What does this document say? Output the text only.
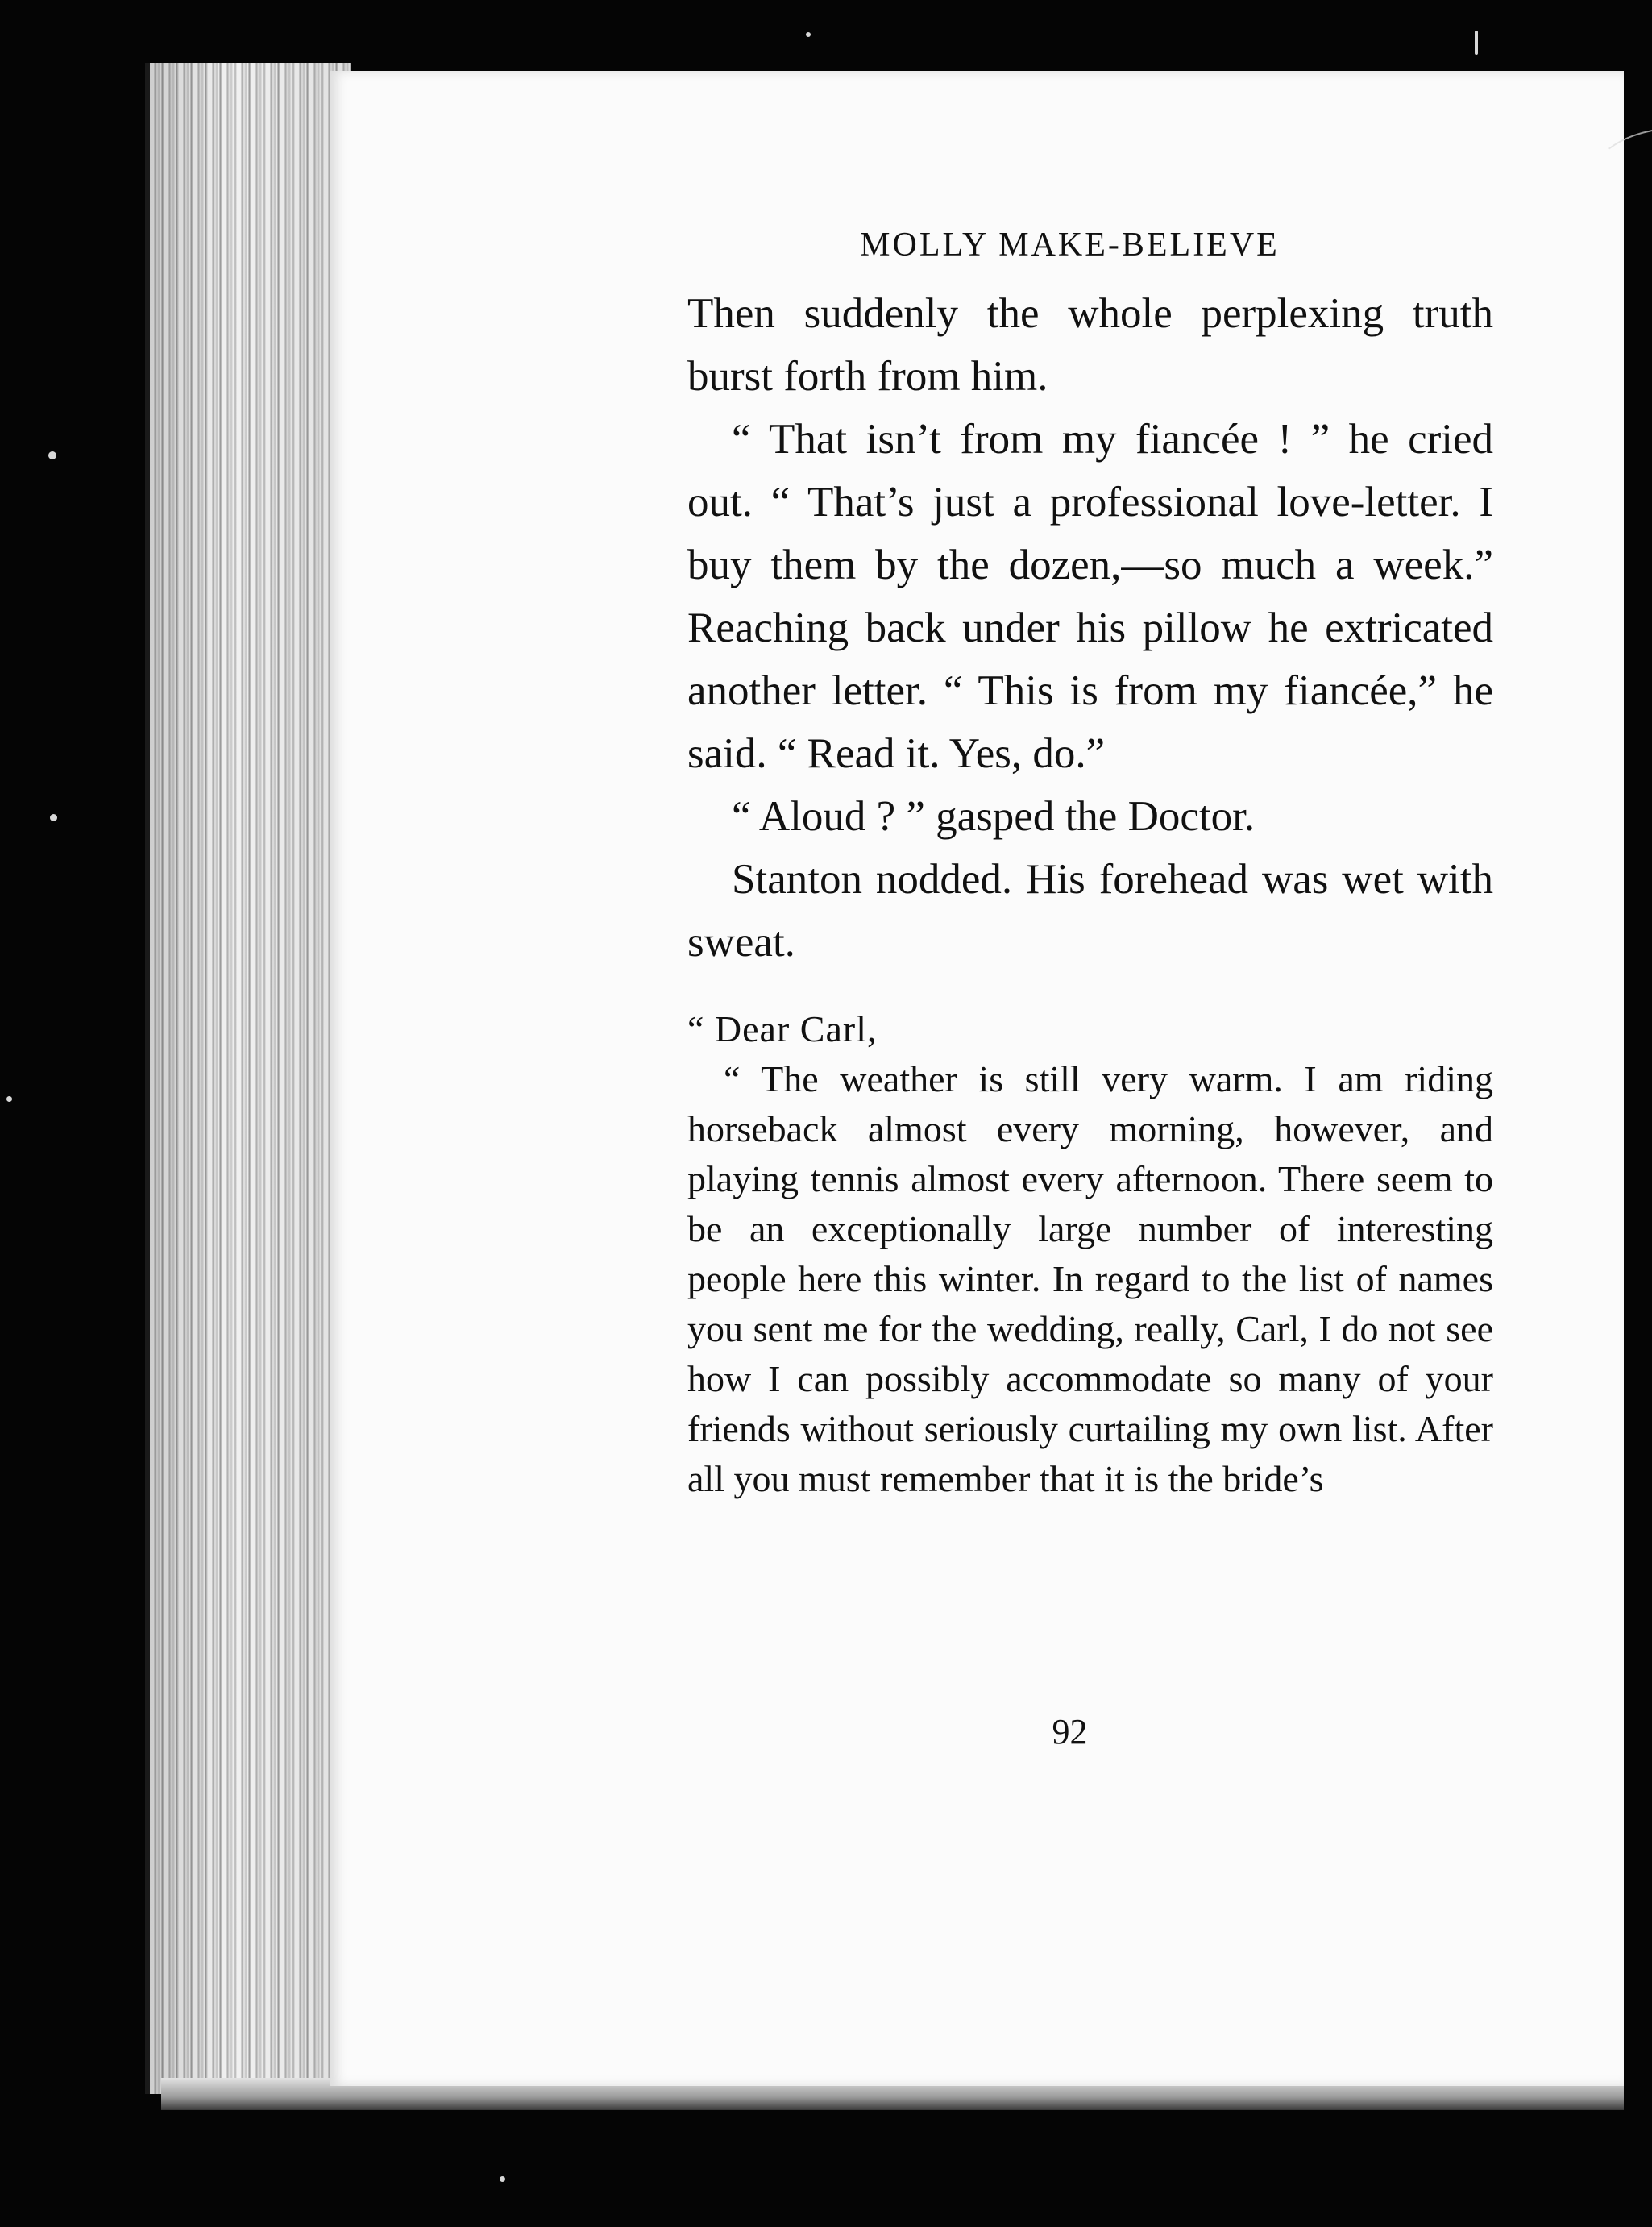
MOLLY MAKE-BELIEVE

Then suddenly the whole perplexing truth burst forth from him.

“ That isn’t from my fiancée ! ” he cried out. “ That’s just a professional love-letter. I buy them by the dozen,—so much a week.” Reaching back under his pillow he extricated another letter. “ This is from my fiancée,” he said. “ Read it. Yes, do.”

“ Aloud ? ” gasped the Doctor.

Stanton nodded. His forehead was wet with sweat.

“ Dear Carl,

“ The weather is still very warm. I am riding horseback almost every morning, however, and playing tennis almost every afternoon. There seem to be an exceptionally large number of interesting people here this winter. In regard to the list of names you sent me for the wedding, really, Carl, I do not see how I can possibly accommodate so many of your friends without seriously curtailing my own list. After all you must remember that it is the bride’s

92
